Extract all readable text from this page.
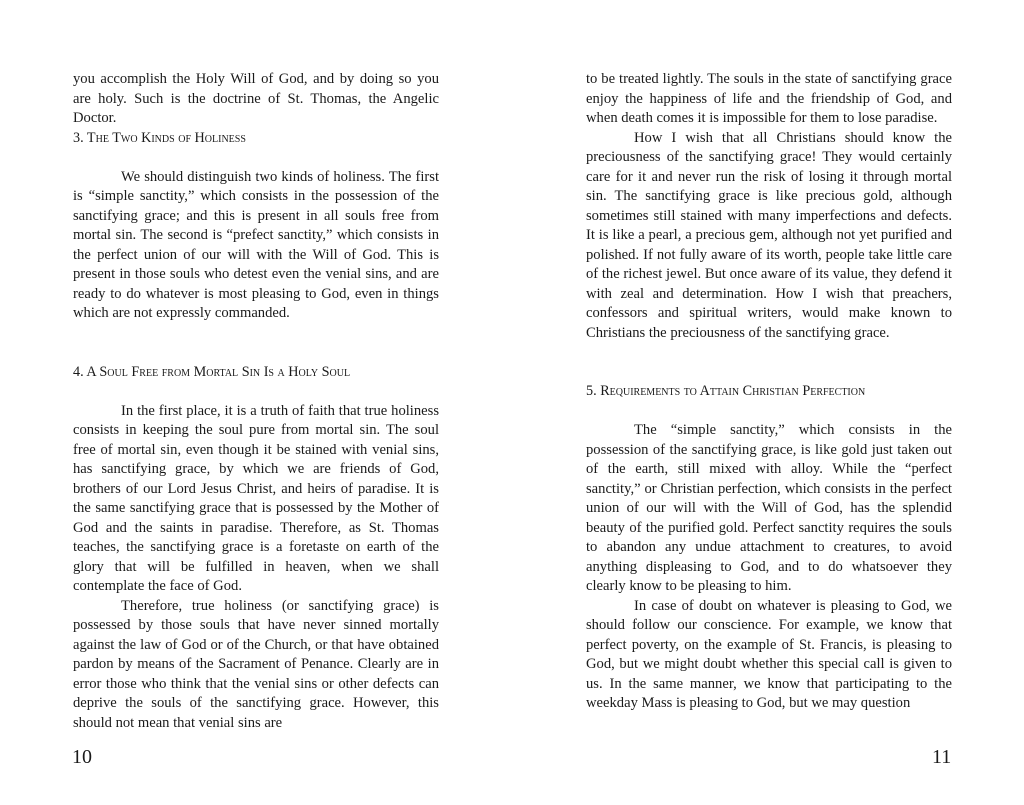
you accomplish the Holy Will of God, and by doing so you are holy. Such is the doctrine of St. Thomas, the Angelic Doctor.

3. The Two Kinds of Holiness

We should distinguish two kinds of holiness. The first is “simple sanctity,” which consists in the possession of the sanctifying grace; and this is present in all souls free from mortal sin. The second is “prefect sanctity,” which consists in the perfect union of our will with the Will of God. This is present in those souls who detest even the venial sins, and are ready to do whatever is most pleasing to God, even in things which are not expressly commanded.

4. A Soul Free from Mortal Sin Is a Holy Soul

In the first place, it is a truth of faith that true holiness consists in keeping the soul pure from mortal sin. The soul free of mortal sin, even though it be stained with venial sins, has sanctifying grace, by which we are friends of God, brothers of our Lord Jesus Christ, and heirs of paradise. It is the same sanctifying grace that is possessed by the Mother of God and the saints in paradise. Therefore, as St. Thomas teaches, the sanctifying grace is a foretaste on earth of the glory that will be fulfilled in heaven, when we shall contemplate the face of God.

Therefore, true holiness (or sanctifying grace) is possessed by those souls that have never sinned mortally against the law of God or of the Church, or that have obtained pardon by means of the Sacrament of Penance. Clearly are in error those who think that the venial sins or other defects can deprive the souls of the sanctifying grace. However, this should not mean that venial sins are

to be treated lightly. The souls in the state of sanctifying grace enjoy the happiness of life and the friendship of God, and when death comes it is impossible for them to lose paradise.

How I wish that all Christians should know the preciousness of the sanctifying grace! They would certainly care for it and never run the risk of losing it through mortal sin. The sanctifying grace is like precious gold, although sometimes still stained with many imperfections and defects. It is like a pearl, a precious gem, although not yet purified and polished. If not fully aware of its worth, people take little care of the richest jewel. But once aware of its value, they defend it with zeal and determination. How I wish that preachers, confessors and spiritual writers, would make known to Christians the preciousness of the sanctifying grace.

5. Requirements to Attain Christian Perfection

The “simple sanctity,” which consists in the possession of the sanctifying grace, is like gold just taken out of the earth, still mixed with alloy. While the “perfect sanctity,” or Christian perfection, which consists in the perfect union of our will with the Will of God, has the splendid beauty of the purified gold. Perfect sanctity requires the souls to abandon any undue attachment to creatures, to avoid anything displeasing to God, and to do whatsoever they clearly know to be pleasing to him.

In case of doubt on whatever is pleasing to God, we should follow our conscience. For example, we know that perfect poverty, on the example of St. Francis, is pleasing to God, but we might doubt whether this special call is given to us. In the same manner, we know that participating to the weekday Mass is pleasing to God, but we may question

10	11
